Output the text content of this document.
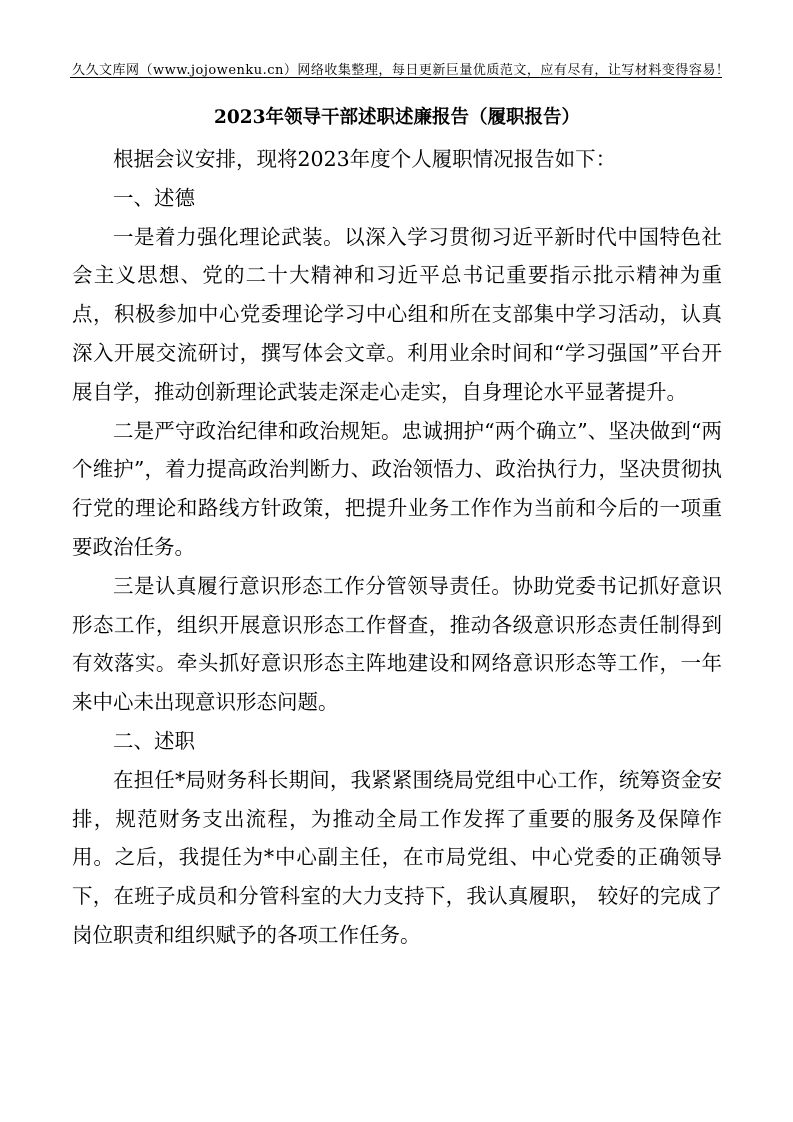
久久文库网（www.jojowenku.cn）网络收集整理，每日更新巨量优质范文，应有尽有，让写材料变得容易！
2023年领导干部述职述廉报告（履职报告）

根据会议安排，现将2023年度个人履职情况报告如下：

一、述德

一是着力强化理论武装。以深入学习贯彻习近平新时代中国特色社会主义思想、党的二十大精神和习近平总书记重要指示批示精神为重点，积极参加中心党委理论学习中心组和所在支部集中学习活动，认真深入开展交流研讨，撰写体会文章。利用业余时间和“学习强国”平台开展自学，推动创新理论武装走深走心走实，自身理论水平显著提升。

二是严守政治纪律和政治规矩。忠诚拥护“两个确立”、坚决做到“两个维护”，着力提高政治判断力、政治领悟力、政治执行力，坚决贯彻执行党的理论和路线方针政策，把提升业务工作作为当前和今后的一项重要政治任务。

三是认真履行意识形态工作分管领导责任。协助党委书记抓好意识形态工作，组织开展意识形态工作督查，推动各级意识形态责任制得到有效落实。牵头抓好意识形态主阵地建设和网络意识形态等工作，一年来中心未出现意识形态问题。

二、述职

在担任*局财务科长期间，我紧紧围绕局党组中心工作，统筹资金安排，规范财务支出流程，为推动全局工作发挥了重要的服务及保障作用。之后，我提任为*中心副主任，在市局党组、中心党委的正确领导下，在班子成员和分管科室的大力支持下，我认真履职， 较好的完成了岗位职责和组织赋予的各项工作任务。
